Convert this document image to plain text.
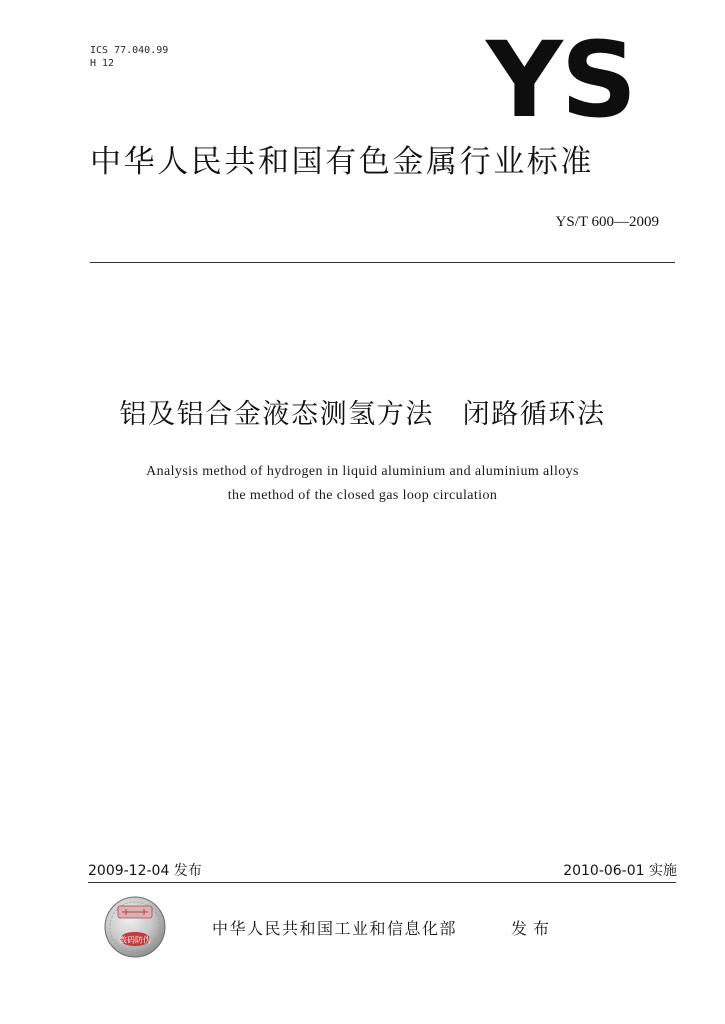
ICS 77.040.99
H 12	YS
中华人民共和国有色金属行业标准
YS/T 600—2009
铝及铝合金液态测氢方法　闭路循环法
Analysis method of hydrogen in liquid aluminium and aluminium alloys
the method of the closed gas loop circulation
2009-12-04 发布	2010-06-01 实施
数码防伪
中华人民共和国工业和信息化部	发布
